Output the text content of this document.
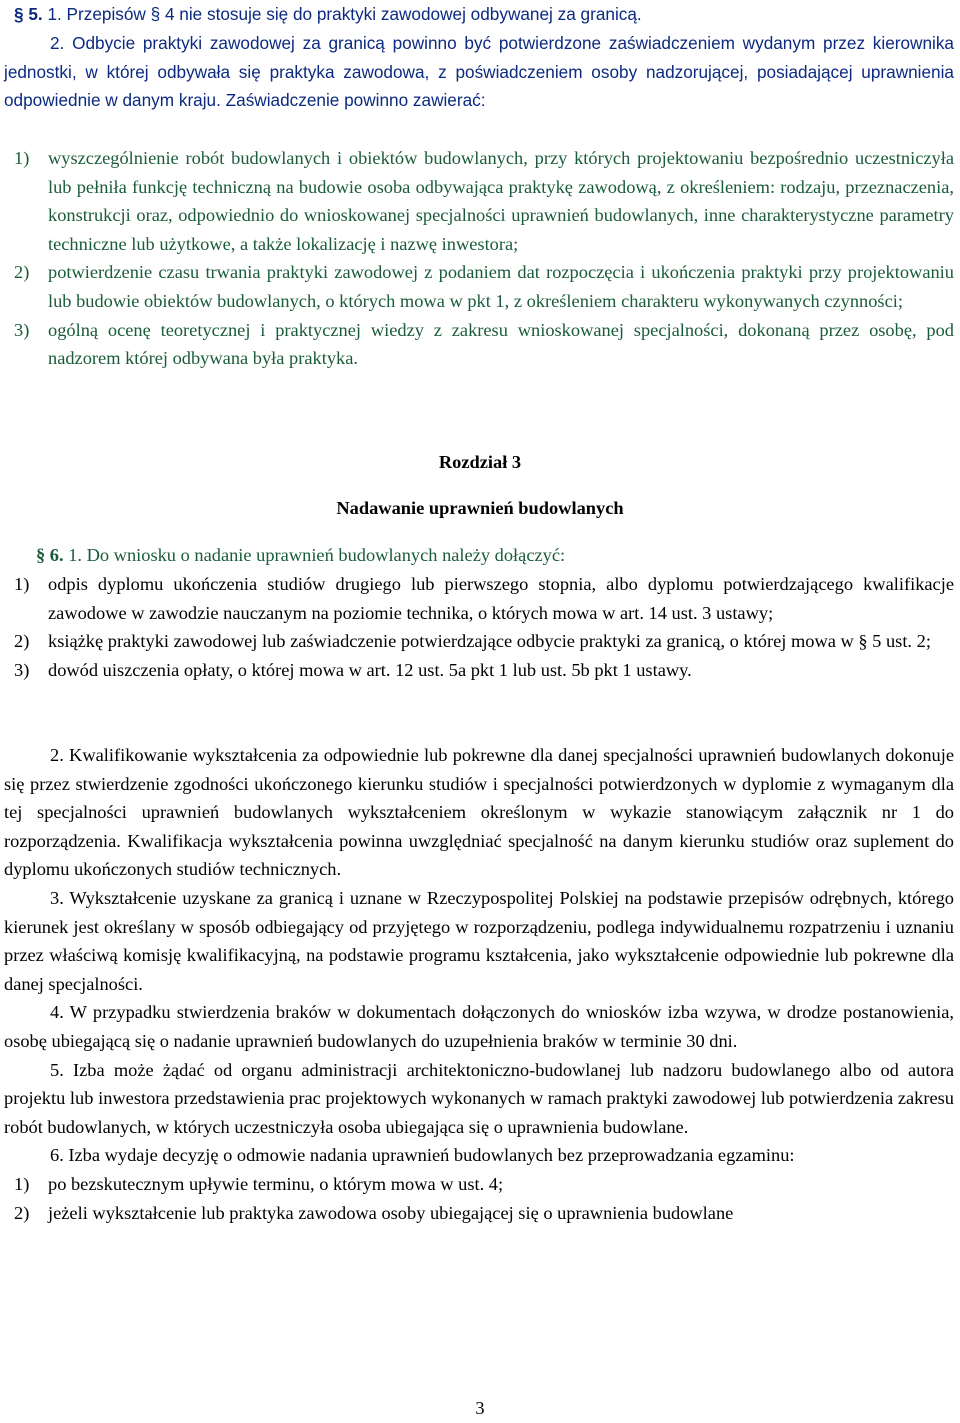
§ 5. 1. Przepisów § 4 nie stosuje się do praktyki zawodowej odbywanej za granicą.

2. Odbycie praktyki zawodowej za granicą powinno być potwierdzone zaświadczeniem wydanym przez kierownika jednostki, w której odbywała się praktyka zawodowa, z poświadczeniem osoby nadzorującej, posiadającej uprawnienia odpowiednie w danym kraju. Zaświadczenie powinno zawierać:

1) wyszczególnienie robót budowlanych i obiektów budowlanych, przy których projektowaniu bezpośrednio uczestniczyła lub pełniła funkcję techniczną na budowie osoba odbywająca praktykę zawodową, z określeniem: rodzaju, przeznaczenia, konstrukcji oraz, odpowiednio do wnioskowanej specjalności uprawnień budowlanych, inne charakterystyczne parametry techniczne lub użytkowe, a także lokalizację i nazwę inwestora;

2) potwierdzenie czasu trwania praktyki zawodowej z podaniem dat rozpoczęcia i ukończenia praktyki przy projektowaniu lub budowie obiektów budowlanych, o których mowa w pkt 1, z określeniem charakteru wykonywanych czynności;

3) ogólną ocenę teoretycznej i praktycznej wiedzy z zakresu wnioskowanej specjalności, dokonaną przez osobę, pod nadzorem której odbywana była praktyka.

Rozdział 3

Nadawanie uprawnień budowlanych

§ 6. 1. Do wniosku o nadanie uprawnień budowlanych należy dołączyć:

1) odpis dyplomu ukończenia studiów drugiego lub pierwszego stopnia, albo dyplomu potwierdzającego kwalifikacje zawodowe w zawodzie nauczanym na poziomie technika, o których mowa w art. 14 ust. 3 ustawy;

2) książkę praktyki zawodowej lub zaświadczenie potwierdzające odbycie praktyki za granicą, o której mowa w § 5 ust. 2;

3) dowód uiszczenia opłaty, o której mowa w art. 12 ust. 5a pkt 1 lub ust. 5b pkt 1 ustawy.

2. Kwalifikowanie wykształcenia za odpowiednie lub pokrewne dla danej specjalności uprawnień budowlanych dokonuje się przez stwierdzenie zgodności ukończonego kierunku studiów i specjalności potwierdzonych w dyplomie z wymaganym dla tej specjalności uprawnień budowlanych wykształceniem określonym w wykazie stanowiącym załącznik nr 1 do rozporządzenia. Kwalifikacja wykształcenia powinna uwzględniać specjalność na danym kierunku studiów oraz suplement do dyplomu ukończonych studiów technicznych.

3. Wykształcenie uzyskane za granicą i uznane w Rzeczypospolitej Polskiej na podstawie przepisów odrębnych, którego kierunek jest określany w sposób odbiegający od przyjętego w rozporządzeniu, podlega indywidualnemu rozpatrzeniu i uznaniu przez właściwą komisję kwalifikacyjną, na podstawie programu kształcenia, jako wykształcenie odpowiednie lub pokrewne dla danej specjalności.

4. W przypadku stwierdzenia braków w dokumentach dołączonych do wniosków izba wzywa, w drodze postanowienia, osobę ubiegającą się o nadanie uprawnień budowlanych do uzupełnienia braków w terminie 30 dni.

5. Izba może żądać od organu administracji architektoniczno-budowlanej lub nadzoru budowlanego albo od autora projektu lub inwestora przedstawienia prac projektowych wykonanych w ramach praktyki zawodowej lub potwierdzenia zakresu robót budowlanych, w których uczestniczyła osoba ubiegająca się o uprawnienia budowlane.

6. Izba wydaje decyzję o odmowie nadania uprawnień budowlanych bez przeprowadzania egzaminu:

1) po bezskutecznym upływie terminu, o którym mowa w ust. 4;

2) jeżeli wykształcenie lub praktyka zawodowa osoby ubiegającej się o uprawnienia budowlane

3
